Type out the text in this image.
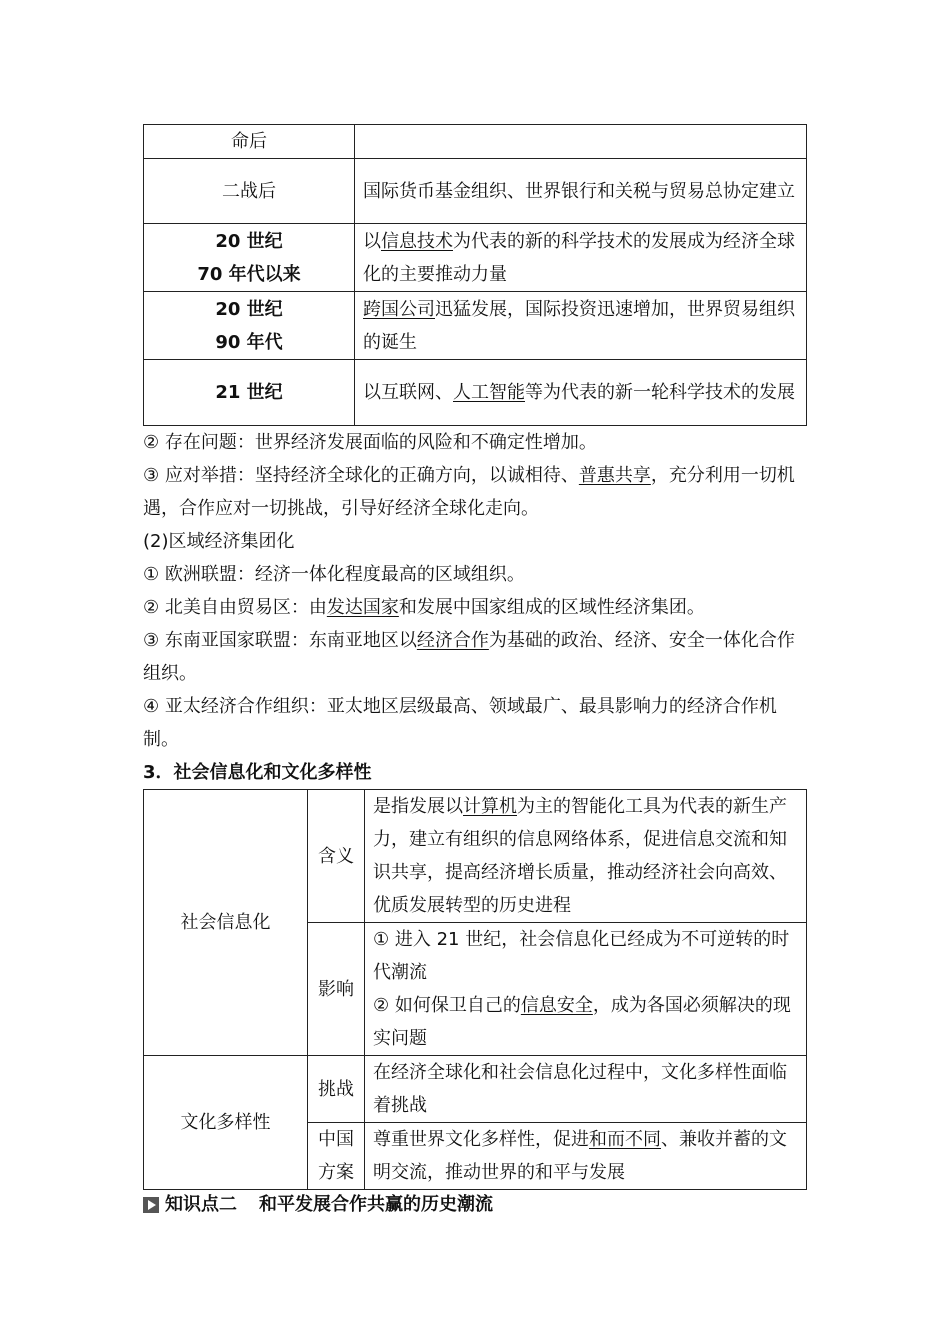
命后	
二战后	国际货币基金组织、世界银行和关税与贸易总协定建立

20 世纪
70 年代以来	以信息技术为代表的新的科学技术的发展成为经济全球化的主要推动力量

20 世纪
90 年代	跨国公司迅猛发展，国际投资迅速增加，世界贸易组织的诞生
21 世纪	以互联网、人工智能等为代表的新一轮科学技术的发展
② 存在问题：世界经济发展面临的风险和不确定性增加。
③ 应对举措：坚持经济全球化的正确方向，以诚相待、普惠共享，充分利用一切机遇，合作应对一切挑战，引导好经济全球化走向。
(2)区域经济集团化
① 欧洲联盟：经济一体化程度最高的区域组织。
② 北美自由贸易区：由发达国家和发展中国家组成的区域性经济集团。
③ 东南亚国家联盟：东南亚地区以经济合作为基础的政治、经济、安全一体化合作组织。
④ 亚太经济合作组织：亚太地区层级最高、领域最广、最具影响力的经济合作机制。
3．社会信息化和文化多样性
社会信息化	含义	是指发展以计算机为主的智能化工具为代表的新生产力，建立有组织的信息网络体系，促进信息交流和知识共享，提高经济增长质量，推动经济社会向高效、优质发展转型的历史进程
	影响	① 进入 21 世纪，社会信息化已经成为不可逆转的时代潮流
② 如何保卫自己的信息安全，成为各国必须解决的现实问题

文化多样性	挑战	在经济全球化和社会信息化过程中，文化多样性面临着挑战
	中国方案	尊重世界文化多样性，促进和而不同、兼收并蓄的文明交流，推动世界的和平与发展
知识点二 和平发展合作共赢的历史潮流
